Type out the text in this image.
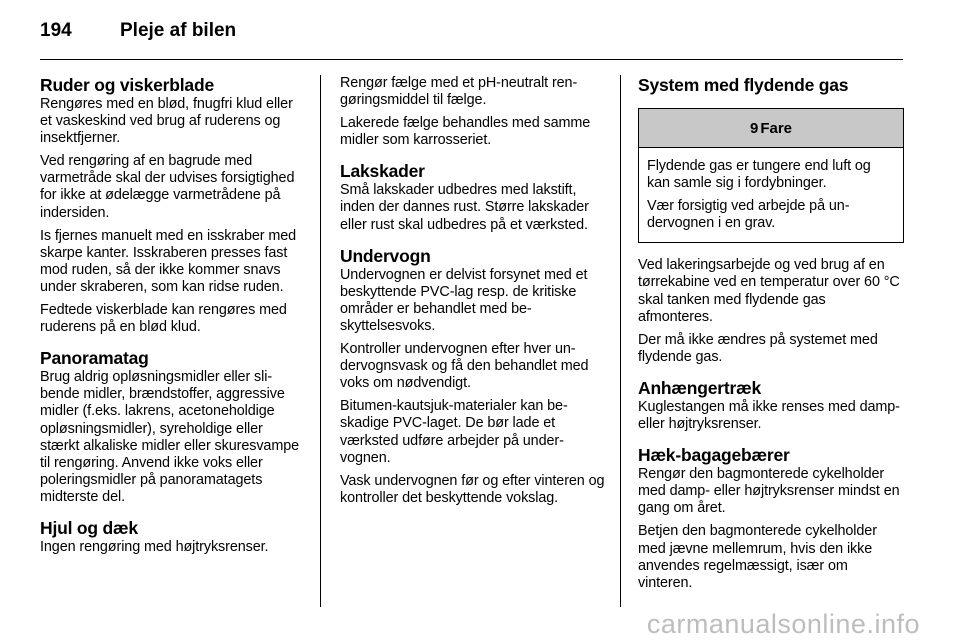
194	Pleje af bilen
Ruder og viskerblade

Rengøres med en blød, fnugfri klud eller et vaskeskind ved brug af ruderens og insektfjerner.

Ved rengøring af en bagrude med varmetråde skal der udvises forsigtighed for ikke at ødelægge varmetrådene på indersiden.

Is fjernes manuelt med en isskraber med skarpe kanter. Isskraberen presses fast mod ruden, så der ikke kommer snavs under skraberen, som kan ridse ruden.

Fedtede viskerblade kan rengøres med ruderens på en blød klud.

Panoramatag

Brug aldrig opløsningsmidler eller slibende midler, brændstoffer, aggressive midler (f.eks. lakrens, acetoneholdige opløsningsmidler), syreholdige eller stærkt alkaliske midler eller skuresvampe til rengøring. Anvend ikke voks eller poleringsmidler på panoramatagets midterste del.

Hjul og dæk

Ingen rengøring med højtryksrenser.

Rengør fælge med et pH-neutralt rengøringsmiddel til fælge.

Lakerede fælge behandles med samme midler som karrosseriet.

Lakskader

Små lakskader udbedres med lakstift, inden der dannes rust. Større lakskader eller rust skal udbedres på et værksted.

Undervogn

Undervognen er delvist forsynet med et beskyttende PVC-lag resp. de kritiske områder er behandlet med beskyttelsesvoks.

Kontroller undervognen efter hver undervognsvask og få den behandlet med voks om nødvendigt.

Bitumen-kautsjuk-materialer kan beskadige PVC-laget. De bør lade et værksted udføre arbejder på undervognen.

Vask undervognen før og efter vinteren og kontroller det beskyttende vokslag.

System med flydende gas
9 Fare

Flydende gas er tungere end luft og kan samle sig i fordybninger.

Vær forsigtig ved arbejde på undervognen i en grav.

Ved lakeringsarbejde og ved brug af en tørrekabine ved en temperatur over 60 °C skal tanken med flydende gas afmonteres.

Der må ikke ændres på systemet med flydende gas.

Anhængertræk

Kuglestangen må ikke renses med damp- eller højtryksrenser.

Hæk-bagagebærer

Rengør den bagmonterede cykelholder med damp- eller højtryksrenser mindst en gang om året.

Betjen den bagmonterede cykelholder med jævne mellemrum, hvis den ikke anvendes regelmæssigt, især om vinteren.

carmanualsonline.info
